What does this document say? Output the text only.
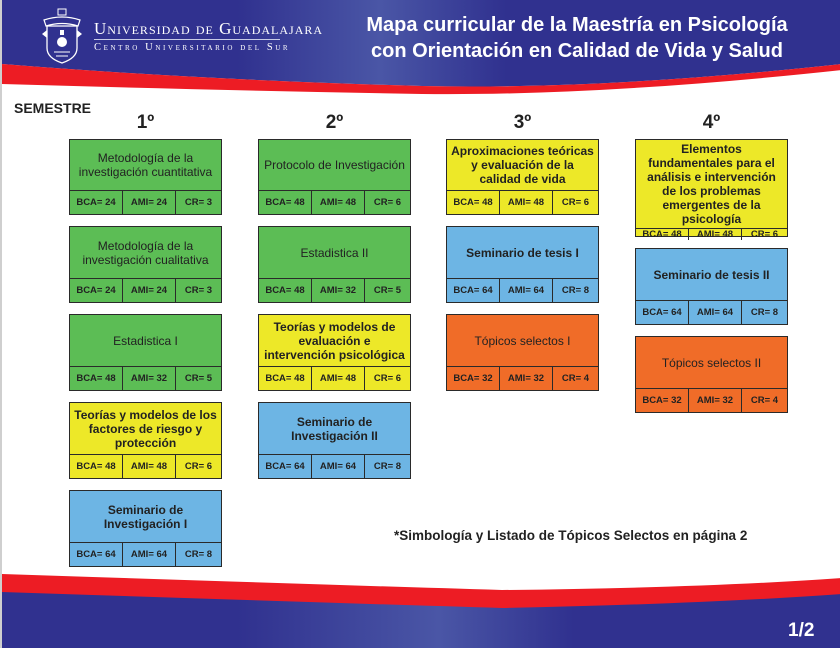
Universidad de Guadalajara
Centro Universitario del Sur
Mapa curricular de la Maestría en Psicología
con Orientación en Calidad de Vida y Salud
SEMESTRE
1º	2º	3º	4º
Metodología de la investigación cuantitativa
BCA= 24	AMI= 24	CR= 3
Metodología de la investigación cualitativa
BCA= 24	AMI= 24	CR= 3
Estadistica I
BCA= 48	AMI= 32	CR= 5
Teorías y modelos de los factores de riesgo y protección
BCA= 48	AMI= 48	CR= 6
Seminario de Investigación I
BCA= 64	AMI= 64	CR= 8
Protocolo de Investigación
BCA= 48	AMI= 48	CR= 6
Estadistica II
BCA= 48	AMI= 32	CR= 5
Teorías y modelos de evaluación e intervención psicológica
BCA= 48	AMI= 48	CR= 6
Seminario de Investigación II
BCA= 64	AMI= 64	CR= 8
Aproximaciones teóricas y evaluación de la calidad de vida
BCA= 48	AMI= 48	CR= 6
Seminario de tesis I
BCA= 64	AMI= 64	CR= 8
Tópicos selectos I
BCA= 32	AMI= 32	CR= 4
Elementos fundamentales para el análisis e intervención de los problemas emergentes de la psicología
BCA= 48	AMI= 48	CR= 6
Seminario de tesis II
BCA= 64	AMI= 64	CR= 8
Tópicos selectos II
BCA= 32	AMI= 32	CR= 4
*Simbología y Listado de Tópicos Selectos en página 2
1/2
